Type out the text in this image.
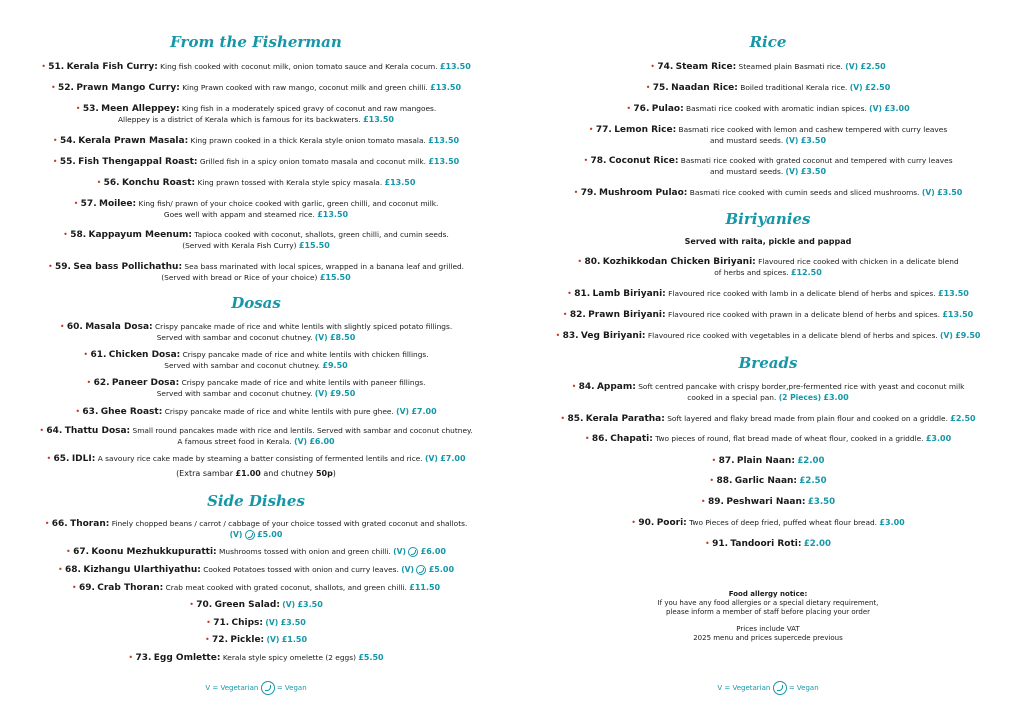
From the Fisherman
• 51. Kerala Fish Curry: King fish cooked with coconut milk, onion tomato sauce and Kerala cocum. £13.50
• 52. Prawn Mango Curry: King Prawn cooked with raw mango, coconut milk and green chilli. £13.50
• 53. Meen Alleppey: King fish in a moderately spiced gravy of coconut and raw mangoes.
Alleppey is a district of Kerala which is famous for its backwaters. £13.50
• 54. Kerala Prawn Masala: King prawn cooked in a thick Kerala style onion tomato masala. £13.50
• 55. Fish Thengappal Roast: Grilled fish in a spicy onion tomato masala and coconut milk. £13.50
• 56. Konchu Roast: King prawn tossed with Kerala style spicy masala. £13.50
• 57. Moilee: King fish/ prawn of your choice cooked with garlic, green chilli, and coconut milk.
Goes well with appam and steamed rice. £13.50
• 58. Kappayum Meenum: Tapioca cooked with coconut, shallots, green chilli, and cumin seeds.
(Served with Kerala Fish Curry) £15.50
• 59. Sea bass Pollichathu: Sea bass marinated with local spices, wrapped in a banana leaf and grilled.
(Served with bread or Rice of your choice) £15.50
Dosas
• 60. Masala Dosa: Crispy pancake made of rice and white lentils with slightly spiced potato fillings.
Served with sambar and coconut chutney. (V) £8.50
• 61. Chicken Dosa: Crispy pancake made of rice and white lentils with chicken fillings.
Served with sambar and coconut chutney. £9.50
• 62. Paneer Dosa: Crispy pancake made of rice and white lentils with paneer fillings.
Served with sambar and coconut chutney. (V) £9.50
• 63. Ghee Roast: Crispy pancake made of rice and white lentils with pure ghee. (V) £7.00
• 64. Thattu Dosa: Small round pancakes made with rice and lentils. Served with sambar and coconut chutney.
A famous street food in Kerala. (V) £6.00
• 65. IDLI: A savoury rice cake made by steaming a batter consisting of fermented lentils and rice. (V) £7.00
(Extra sambar £1.00 and chutney 50p)
Side Dishes
• 66. Thoran: Finely chopped beans / carrot / cabbage of your choice tossed with grated coconut and shallots.
(V) £5.00
• 67. Koonu Mezhukkupuratti: Mushrooms tossed with onion and green chilli. (V) £6.00
• 68. Kizhangu Ularthiyathu: Cooked Potatoes tossed with onion and curry leaves. (V) £5.00
• 69. Crab Thoran: Crab meat cooked with grated coconut, shallots, and green chilli. £11.50
• 70. Green Salad: (V) £3.50
• 71. Chips: (V) £3.50
• 72. Pickle: (V) £1.50
• 73. Egg Omlette: Kerala style spicy omelette (2 eggs) £5.50
V = Vegetarian	= Vegan
Rice
• 74. Steam Rice: Steamed plain Basmati rice. (V) £2.50
• 75. Naadan Rice: Boiled traditional Kerala rice. (V) £2.50
• 76. Pulao: Basmati rice cooked with aromatic indian spices. (V) £3.00
• 77. Lemon Rice: Basmati rice cooked with lemon and cashew tempered with curry leaves
and mustard seeds. (V) £3.50
• 78. Coconut Rice: Basmati rice cooked with grated coconut and tempered with curry leaves
and mustard seeds. (V) £3.50
• 79. Mushroom Pulao: Basmati rice cooked with cumin seeds and sliced mushrooms. (V) £3.50
Biriyanies

Served with raita, pickle and pappad

• 80. Kozhikkodan Chicken Biriyani: Flavoured rice cooked with chicken in a delicate blend
of herbs and spices. £12.50
• 81. Lamb Biriyani: Flavoured rice cooked with lamb in a delicate blend of herbs and spices. £13.50
• 82. Prawn Biriyani: Flavoured rice cooked with prawn in a delicate blend of herbs and spices. £13.50
• 83. Veg Biriyani: Flavoured rice cooked with vegetables in a delicate blend of herbs and spices. (V) £9.50
Breads
• 84. Appam: Soft centred pancake with crispy border,pre-fermented rice with yeast and coconut milk
cooked in a special pan. (2 Pieces) £3.00
• 85. Kerala Paratha: Soft layered and flaky bread made from plain flour and cooked on a griddle. £2.50
• 86. Chapati: Two pieces of round, flat bread made of wheat flour, cooked in a griddle. £3.00
• 87. Plain Naan: £2.00
• 88. Garlic Naan: £2.50
• 89. Peshwari Naan: £3.50
• 90. Poori: Two Pieces of deep fried, puffed wheat flour bread. £3.00
• 91. Tandoori Roti: £2.00
V = Vegetarian	= Vegan

Food allergy notice:

If you have any food allergies or a special dietary requirement,

please inform a member of staff before placing your order

Prices include VAT

2025 menu and prices supercede previous
